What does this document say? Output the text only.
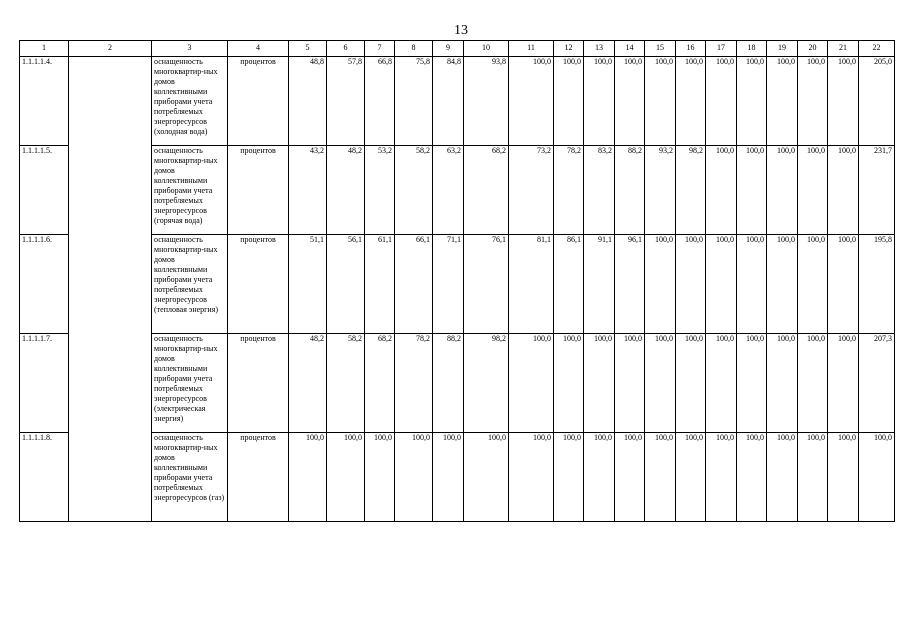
13
1	2	3	4	5	6	7	8	9	10	11	12	13	14	15	16	17	18	19	20	21	22
1.1.1.1.4.		оснащенность многоквартир-ных домов коллективными приборами учета потребляемых энергоресурсов (холодная вода)	процентов	48,8	57,8	66,8	75,8	84,8	93,8	100,0	100,0	100,0	100,0	100,0	100,0	100,0	100,0	100,0	100,0	100,0	205,0
1.1.1.1.5.		оснащенность многоквартир-ных домов коллективными приборами учета потребляемых энергоресурсов (горячая вода)	процентов	43,2	48,2	53,2	58,2	63,2	68,2	73,2	78,2	83,2	88,2	93,2	98,2	100,0	100,0	100,0	100,0	100,0	231,7
1.1.1.1.6.		оснащенность многоквартир-ных домов коллективными приборами учета потребляемых энергоресурсов (тепловая энергия)	процентов	51,1	56,1	61,1	66,1	71,1	76,1	81,1	86,1	91,1	96,1	100,0	100,0	100,0	100,0	100,0	100,0	100,0	195,8
1.1.1.1.7.		оснащенность многоквартир-ных домов коллективными приборами учета потребляемых энергоресурсов (электрическая энергия)	процентов	48,2	58,2	68,2	78,2	88,2	98,2	100,0	100,0	100,0	100,0	100,0	100,0	100,0	100,0	100,0	100,0	100,0	207,3
1.1.1.1.8.		оснащенность многоквартир-ных домов коллективными приборами учета потребляемых энергоресурсов (газ)	процентов	100,0	100,0	100,0	100,0	100,0	100,0	100,0	100,0	100,0	100,0	100,0	100,0	100,0	100,0	100,0	100,0	100,0	100,0
